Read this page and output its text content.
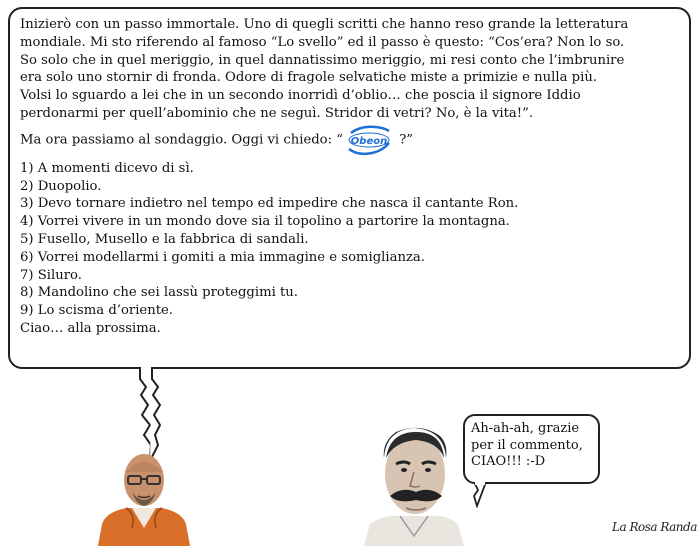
Inizierò con un passo immortale. Uno di quegli scritti che hanno reso grande la letteratura

mondiale. Mi sto riferendo al famoso “Lo svello” ed il passo è questo: “Cos’era? Non lo so.

So solo che in quel meriggio, in quel dannatissimo meriggio, mi resi conto che l’imbrunire

era solo uno stornir di fronda. Odore di fragole selvatiche miste a primizie e nulla più.

Volsi lo sguardo a lei che in un secondo inorridì d’oblio… che poscia il signore Iddio

perdonarmi per quell’abominio che ne seguì. Stridor di vetri? No, è la vita!”.

Ma ora passiamo al sondaggio. Oggi vi chiedo: “ Obeon ?”

1) A momenti dicevo di sì.
2) Duopolio.
3) Devo tornare indietro nel tempo ed impedire che nasca il cantante Ron.
4) Vorrei vivere in un mondo dove sia il topolino a partorire la montagna.
5) Fusello, Musello e la fabbrica di sandali.
6) Vorrei modellarmi i gomiti a mia immagine e somiglianza.
7) Siluro.
8) Mandolino che sei lassù proteggimi tu.
9) Lo scisma d’oriente.

Ciao… alla prossima.

Ah-ah-ah, grazie
per il commento,
CIAO!!! :-D
La Rosa Randa
